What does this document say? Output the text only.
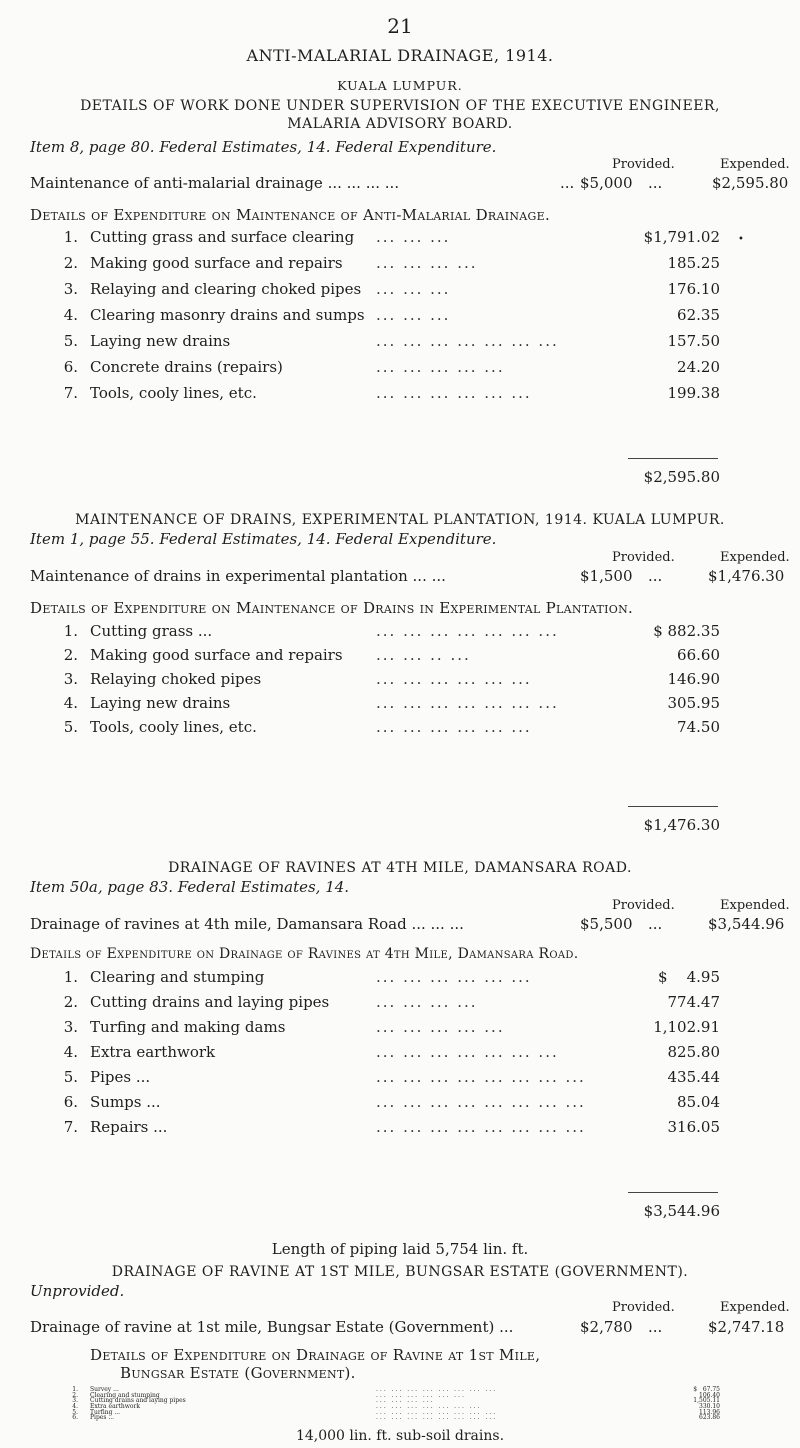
21
ANTI-MALARIAL DRAINAGE, 1914.
KUALA LUMPUR.
DETAILS OF WORK DONE UNDER SUPERVISION OF THE EXECUTIVE ENGINEER,
MALARIA ADVISORY BOARD.
Item 8, page 80. Federal Estimates, 14. Federal Expenditure.
Provided.	Expended.
Maintenance of anti-malarial drainage ... ... ... ...	... $5,000 ...	$2,595.80
Details of Expenditure on Maintenance of Anti-Malarial Drainage.
1. Cutting grass and surface clearing ... ... ...	$1,791.02
2. Making good surface and repairs ... ... ... ...	185.25
3. Relaying and clearing choked pipes ... ... ...	176.10
4. Clearing masonry drains and sumps ... ... ...	62.35
5. Laying new drains	... ... ... ... ... ... ...	157.50
6. Concrete drains (repairs)	... ... ... ... ...	24.20
7. Tools, cooly lines, etc.	... ... ... ... ... ...	199.38
$2,595.80
•
MAINTENANCE OF DRAINS, EXPERIMENTAL PLANTATION, 1914. KUALA LUMPUR.
Item 1, page 55. Federal Estimates, 14. Federal Expenditure.
Provided.	Expended.
Maintenance of drains in experimental plantation ... ...	$1,500 ...	$1,476.30
Details of Expenditure on Maintenance of Drains in Experimental Plantation.
1. Cutting grass ...	... ... ... ... ... ... ...	$ 882.35
2. Making good surface and repairs ... ... .. ...	66.60
3. Relaying choked pipes	... ... ... ... ... ...	146.90
4. Laying new drains	... ... ... ... ... ... ...	305.95
5. Tools, cooly lines, etc.	... ... ... ... ... ...	74.50
$1,476.30
DRAINAGE OF RAVINES AT 4TH MILE, DAMANSARA ROAD.
Item 50a, page 83. Federal Estimates, 14.
Provided.	Expended.
Drainage of ravines at 4th mile, Damansara Road ... ... ...	$5,500 ...	$3,544.96
Details of Expenditure on Drainage of Ravines at 4th Mile, Damansara Road.
1. Clearing and stumping	... ... ... ... ... ...	$    4.95
2. Cutting drains and laying pipes	... ... ... ...	774.47
3. Turfing and making dams	... ... ... ... ...	1,102.91
4. Extra earthwork	... ... ... ... ... ... ...	825.80
5. Pipes ...	... ... ... ... ... ... ... ...	435.44
6. Sumps ...	... ... ... ... ... ... ... ...	85.04
7. Repairs ...	... ... ... ... ... ... ... ...	316.05
$3,544.96
Length of piping laid 5,754 lin. ft.
DRAINAGE OF RAVINE AT 1ST MILE, BUNGSAR ESTATE (GOVERNMENT).
Unprovided.
Provided.	Expended.
Drainage of ravine at 1st mile, Bungsar Estate (Government) ...	$2,780 ...	$2,747.18
Details of Expenditure on Drainage of Ravine at 1st Mile,
Bungsar Estate (Government).
1. Survey ...	... ... ... ... ... ... ... ...	$   67.75
2. Clearing and stumping	... ... ... ... ... ...	106.40
3. Cutting drains and laying pipes	... ... ... ...	1,505.11
4. Extra earthwork	... ... ... ... ... ... ...	330.10
5. Turfing ...	... ... ... ... ... ... ... ...	113.96
6. Pipes ...	... ... ... ... ... ... ... ...	623.86
14,000 lin. ft. sub-soil drains.
